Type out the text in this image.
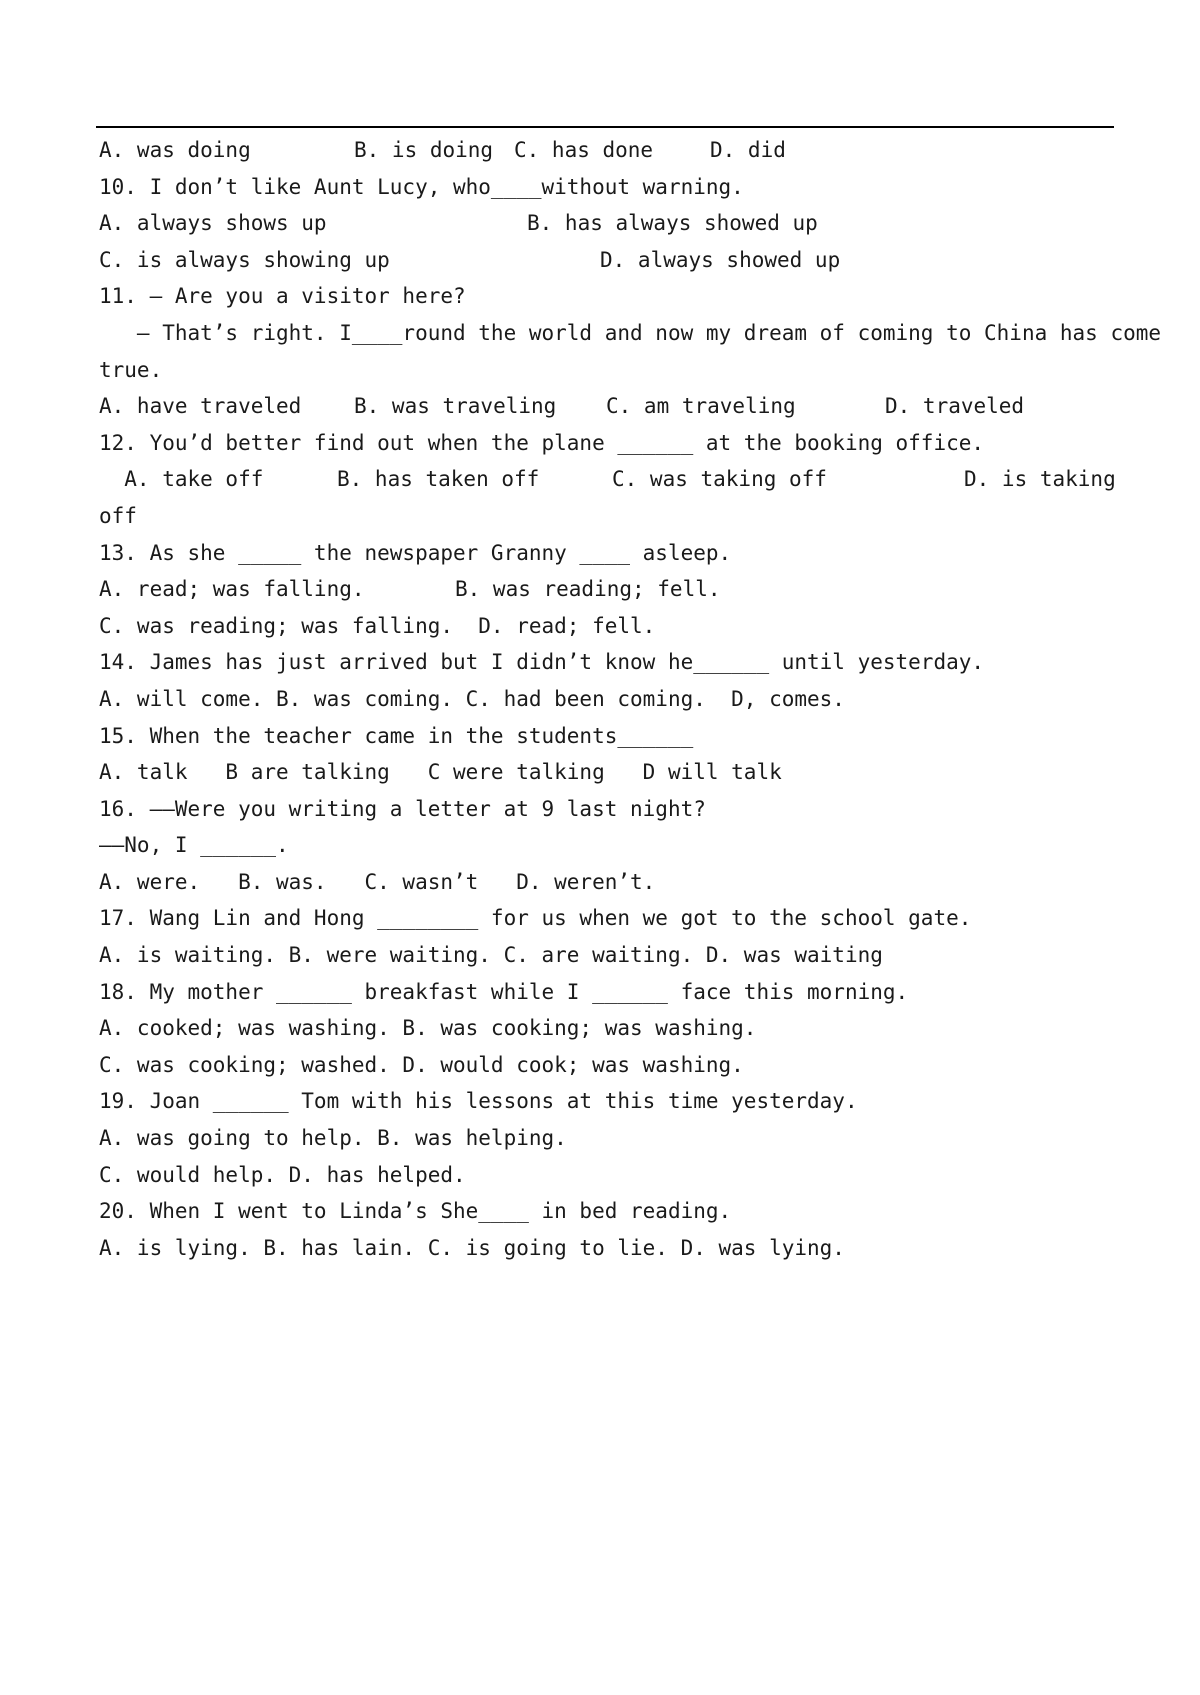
A. was doing

	B. is doing

C. has done

	D. did

10. I don’t like Aunt Lucy, who____without warning.

A. always shows up

	B. has always showed up

C. is always showing up

	D. always showed up

11. — Are you a visitor here?

— That’s right. I____round the world and now my dream of coming to China has come

true.

A. have traveled

	B. was traveling

C. am traveling

	D. traveled

12. You’d better find out when the plane ______ at the booking office.

A. take off

	B. has taken off

	C. was taking off

	D. is taking

off

13. As she _____ the newspaper Granny ____ asleep.

A. read; was falling.

	B. was reading; fell.

C. was reading; was falling.  D. read; fell.

14. James has just arrived but I didn’t know he______ until yesterday.

A. will come. B. was coming. C. had been coming.  D, comes.

15. When the teacher came in the students______

A. talk   B are talking   C were talking   D will talk

16. ——Were you writing a letter at 9 last night?

——No, I ______.

A. were.   B. was.   C. wasn’t   D. weren’t.

17. Wang Lin and Hong ________ for us when we got to the school gate.

A. is waiting. B. were waiting. C. are waiting. D. was waiting

18. My mother ______ breakfast while I ______ face this morning.

A. cooked; was washing. B. was cooking; was washing.

C. was cooking; washed. D. would cook; was washing.

19. Joan ______ Tom with his lessons at this time yesterday.

A. was going to help. B. was helping.

C. would help. D. has helped.

20. When I went to Linda’s She____ in bed reading.

A. is lying. B. has lain. C. is going to lie. D. was lying.
